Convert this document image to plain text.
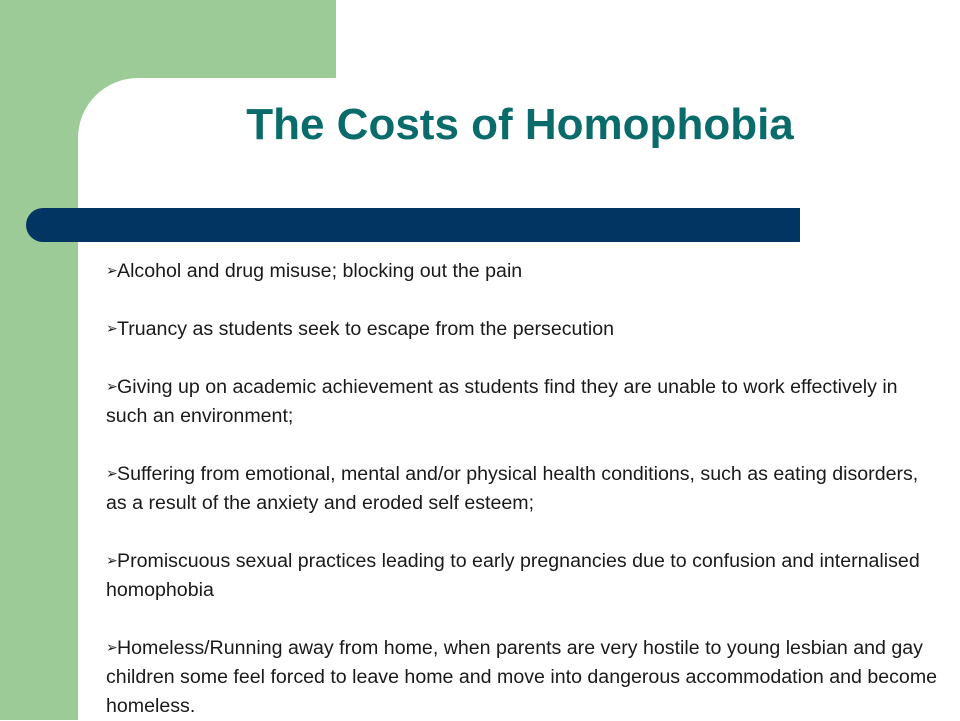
The Costs of Homophobia
➢Alcohol and drug misuse; blocking out the pain
➢Truancy as students seek to escape from the persecution
➢Giving up on academic achievement as students find they are unable to work effectively in such an environment;
➢Suffering from emotional, mental and/or physical health conditions, such as eating disorders, as a result of the anxiety and eroded self esteem;
➢Promiscuous sexual practices leading to early pregnancies due to confusion and internalised homophobia
➢Homeless/Running away from home, when parents are very hostile to young lesbian and gay children some feel forced to leave home and move into dangerous accommodation and become homeless.
